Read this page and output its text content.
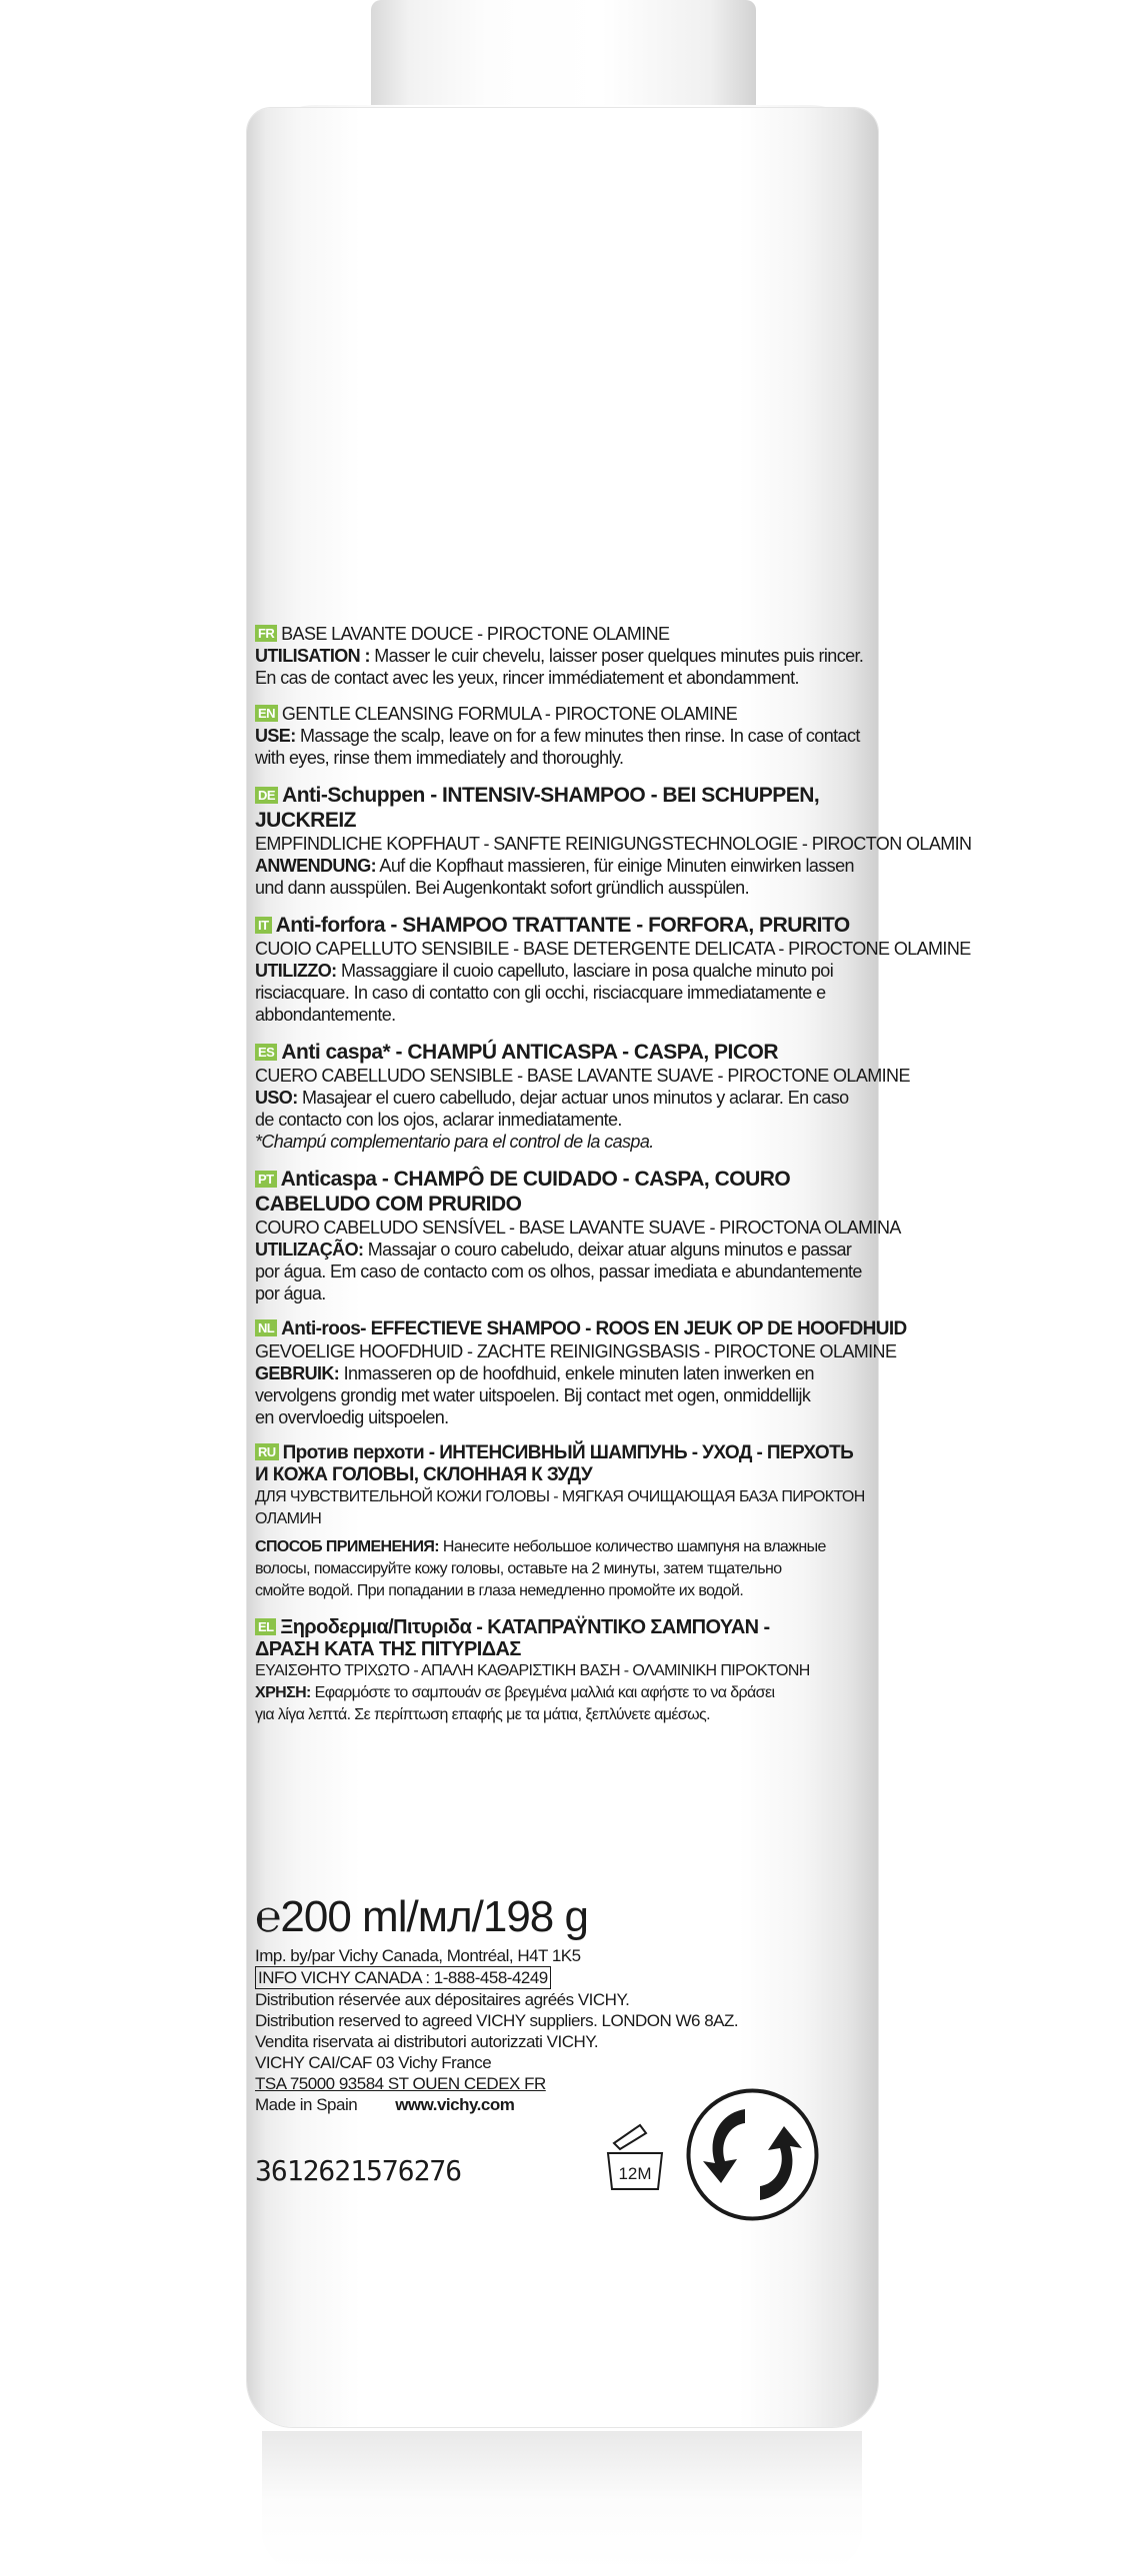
FR BASE LAVANTE DOUCE - PIROCTONE OLAMINE
UTILISATION : Masser le cuir chevelu, laisser poser quelques minutes puis rincer.
En cas de contact avec les yeux, rincer immédiatement et abondamment.
EN GENTLE CLEANSING FORMULA - PIROCTONE OLAMINE
USE: Massage the scalp, leave on for a few minutes then rinse. In case of contact
with eyes, rinse them immediately and thoroughly.
DE Anti-Schuppen - INTENSIV-SHAMPOO - BEI SCHUPPEN, JUCKREIZ
EMPFINDLICHE KOPFHAUT - SANFTE REINIGUNGSTECHNOLOGIE - PIROCTON OLAMIN
ANWENDUNG: Auf die Kopfhaut massieren, für einige Minuten einwirken lassen
und dann ausspülen. Bei Augenkontakt sofort gründlich ausspülen.
IT Anti-forfora - SHAMPOO TRATTANTE - FORFORA, PRURITO
CUOIO CAPELLUTO SENSIBILE - BASE DETERGENTE DELICATA - PIROCTONE OLAMINE
UTILIZZO: Massaggiare il cuoio capelluto, lasciare in posa qualche minuto poi
risciacquare. In caso di contatto con gli occhi, risciacquare immediatamente e
abbondantemente.
ES Anti caspa* - CHAMPÚ ANTICASPA - CASPA, PICOR
CUERO CABELLUDO SENSIBLE - BASE LAVANTE SUAVE - PIROCTONE OLAMINE
USO: Masajear el cuero cabelludo, dejar actuar unos minutos y aclarar. En caso
de contacto con los ojos, aclarar inmediatamente.
*Champú complementario para el control de la caspa.
PT Anticaspa - CHAMPÔ DE CUIDADO - CASPA, COURO
CABELUDO COM PRURIDO
COURO CABELUDO SENSÍVEL - BASE LAVANTE SUAVE - PIROCTONA OLAMINA
UTILIZAÇÃO: Massajar o couro cabeludo, deixar atuar alguns minutos e passar
por água. Em caso de contacto com os olhos, passar imediata e abundantemente
por água.
NL Anti-roos- EFFECTIEVE SHAMPOO - ROOS EN JEUK OP DE HOOFDHUID
GEVOELIGE HOOFDHUID - ZACHTE REINIGINGSBASIS - PIROCTONE OLAMINE
GEBRUIK: Inmasseren op de hoofdhuid, enkele minuten laten inwerken en
vervolgens grondig met water uitspoelen. Bij contact met ogen, onmiddellijk
en overvloedig uitspoelen.
RU Против перхоти - ИНТЕНСИВНЫЙ ШАМПУНЬ - УХОД - ПЕРХОТЬ
И КОЖА ГОЛОВЫ, СКЛОННАЯ К ЗУДУ
ДЛЯ ЧУВСТВИТЕЛЬНОЙ КОЖИ ГОЛОВЫ - МЯГКАЯ ОЧИЩАЮЩАЯ БАЗА ПИРОКТОН
ОЛАМИН
СПОСОБ ПРИМЕНЕНИЯ: Нанесите небольшое количество шампуня на влажные
волосы, помассируйте кожу головы, оставьте на 2 минуты, затем тщательно
смойте водой. При попадании в глаза немедленно промойте их водой.
EL Ξηροδερμια/Πιτυριδα - ΚΑΤΑΠΡΑΫΝΤΙΚΟ ΣΑΜΠΟΥΑΝ -
ΔΡΑΣΗ ΚΑΤΑ ΤΗΣ ΠΙΤΥΡΙΔΑΣ
ΕΥΑΙΣΘΗΤΟ ΤΡΙΧΩΤΟ - ΑΠΑΛΗ ΚΑΘΑΡΙΣΤΙΚΗ ΒΑΣΗ - ΟΛΑΜΙΝΙΚΗ ΠΙΡΟΚΤΟΝΗ
ΧΡΗΣΗ: Εφαρμόστε το σαμπουάν σε βρεγμένα μαλλιά και αφήστε το να δράσει
για λίγα λεπτά. Σε περίπτωση επαφής με τα μάτια, ξεπλύνετε αμέσως.
℮200 ml/мл/198 g
Imp. by/par Vichy Canada, Montréal, H4T 1K5
INFO VICHY CANADA : 1-888-458-4249
Distribution réservée aux dépositaires agréés VICHY.
Distribution reserved to agreed VICHY suppliers. LONDON W6 8AZ.
Vendita riservata ai distributori autorizzati VICHY.
VICHY CAI/CAF 03 Vichy France
TSA 75000 93584 ST OUEN CEDEX FR
Made in Spain www.vichy.com
3612621576276	12M
